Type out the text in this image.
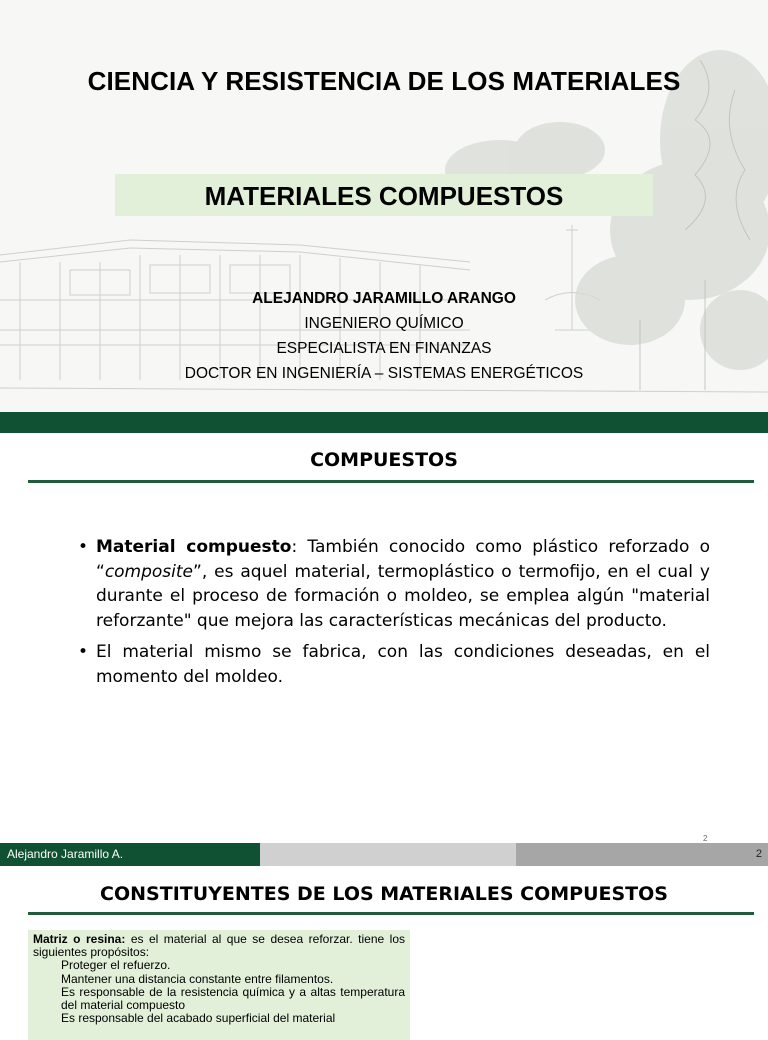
CIENCIA Y RESISTENCIA DE LOS MATERIALES
MATERIALES COMPUESTOS
ALEJANDRO JARAMILLO ARANGO
INGENIERO QUÍMICO
ESPECIALISTA EN FINANZAS
DOCTOR EN INGENIERÍA – SISTEMAS ENERGÉTICOS
COMPUESTOS
• Material compuesto: También conocido como plástico reforzado o “composite”, es aquel material, termoplástico o termofijo, en el cual y durante el proceso de formación o moldeo, se emplea algún "material reforzante" que mejora las características mecánicas del producto.
• El material mismo se fabrica, con las condiciones deseadas, en el momento del moldeo.
2
Alejandro Jaramillo A.	2
CONSTITUYENTES DE LOS MATERIALES COMPUESTOS

Matriz o resina: es el material al que se desea reforzar. tiene los siguientes propósitos:

Proteger el refuerzo.

Mantener una distancia constante entre filamentos.

Es responsable de la resistencia química y a altas temperatura del material compuesto

Es responsable del acabado superficial del material
